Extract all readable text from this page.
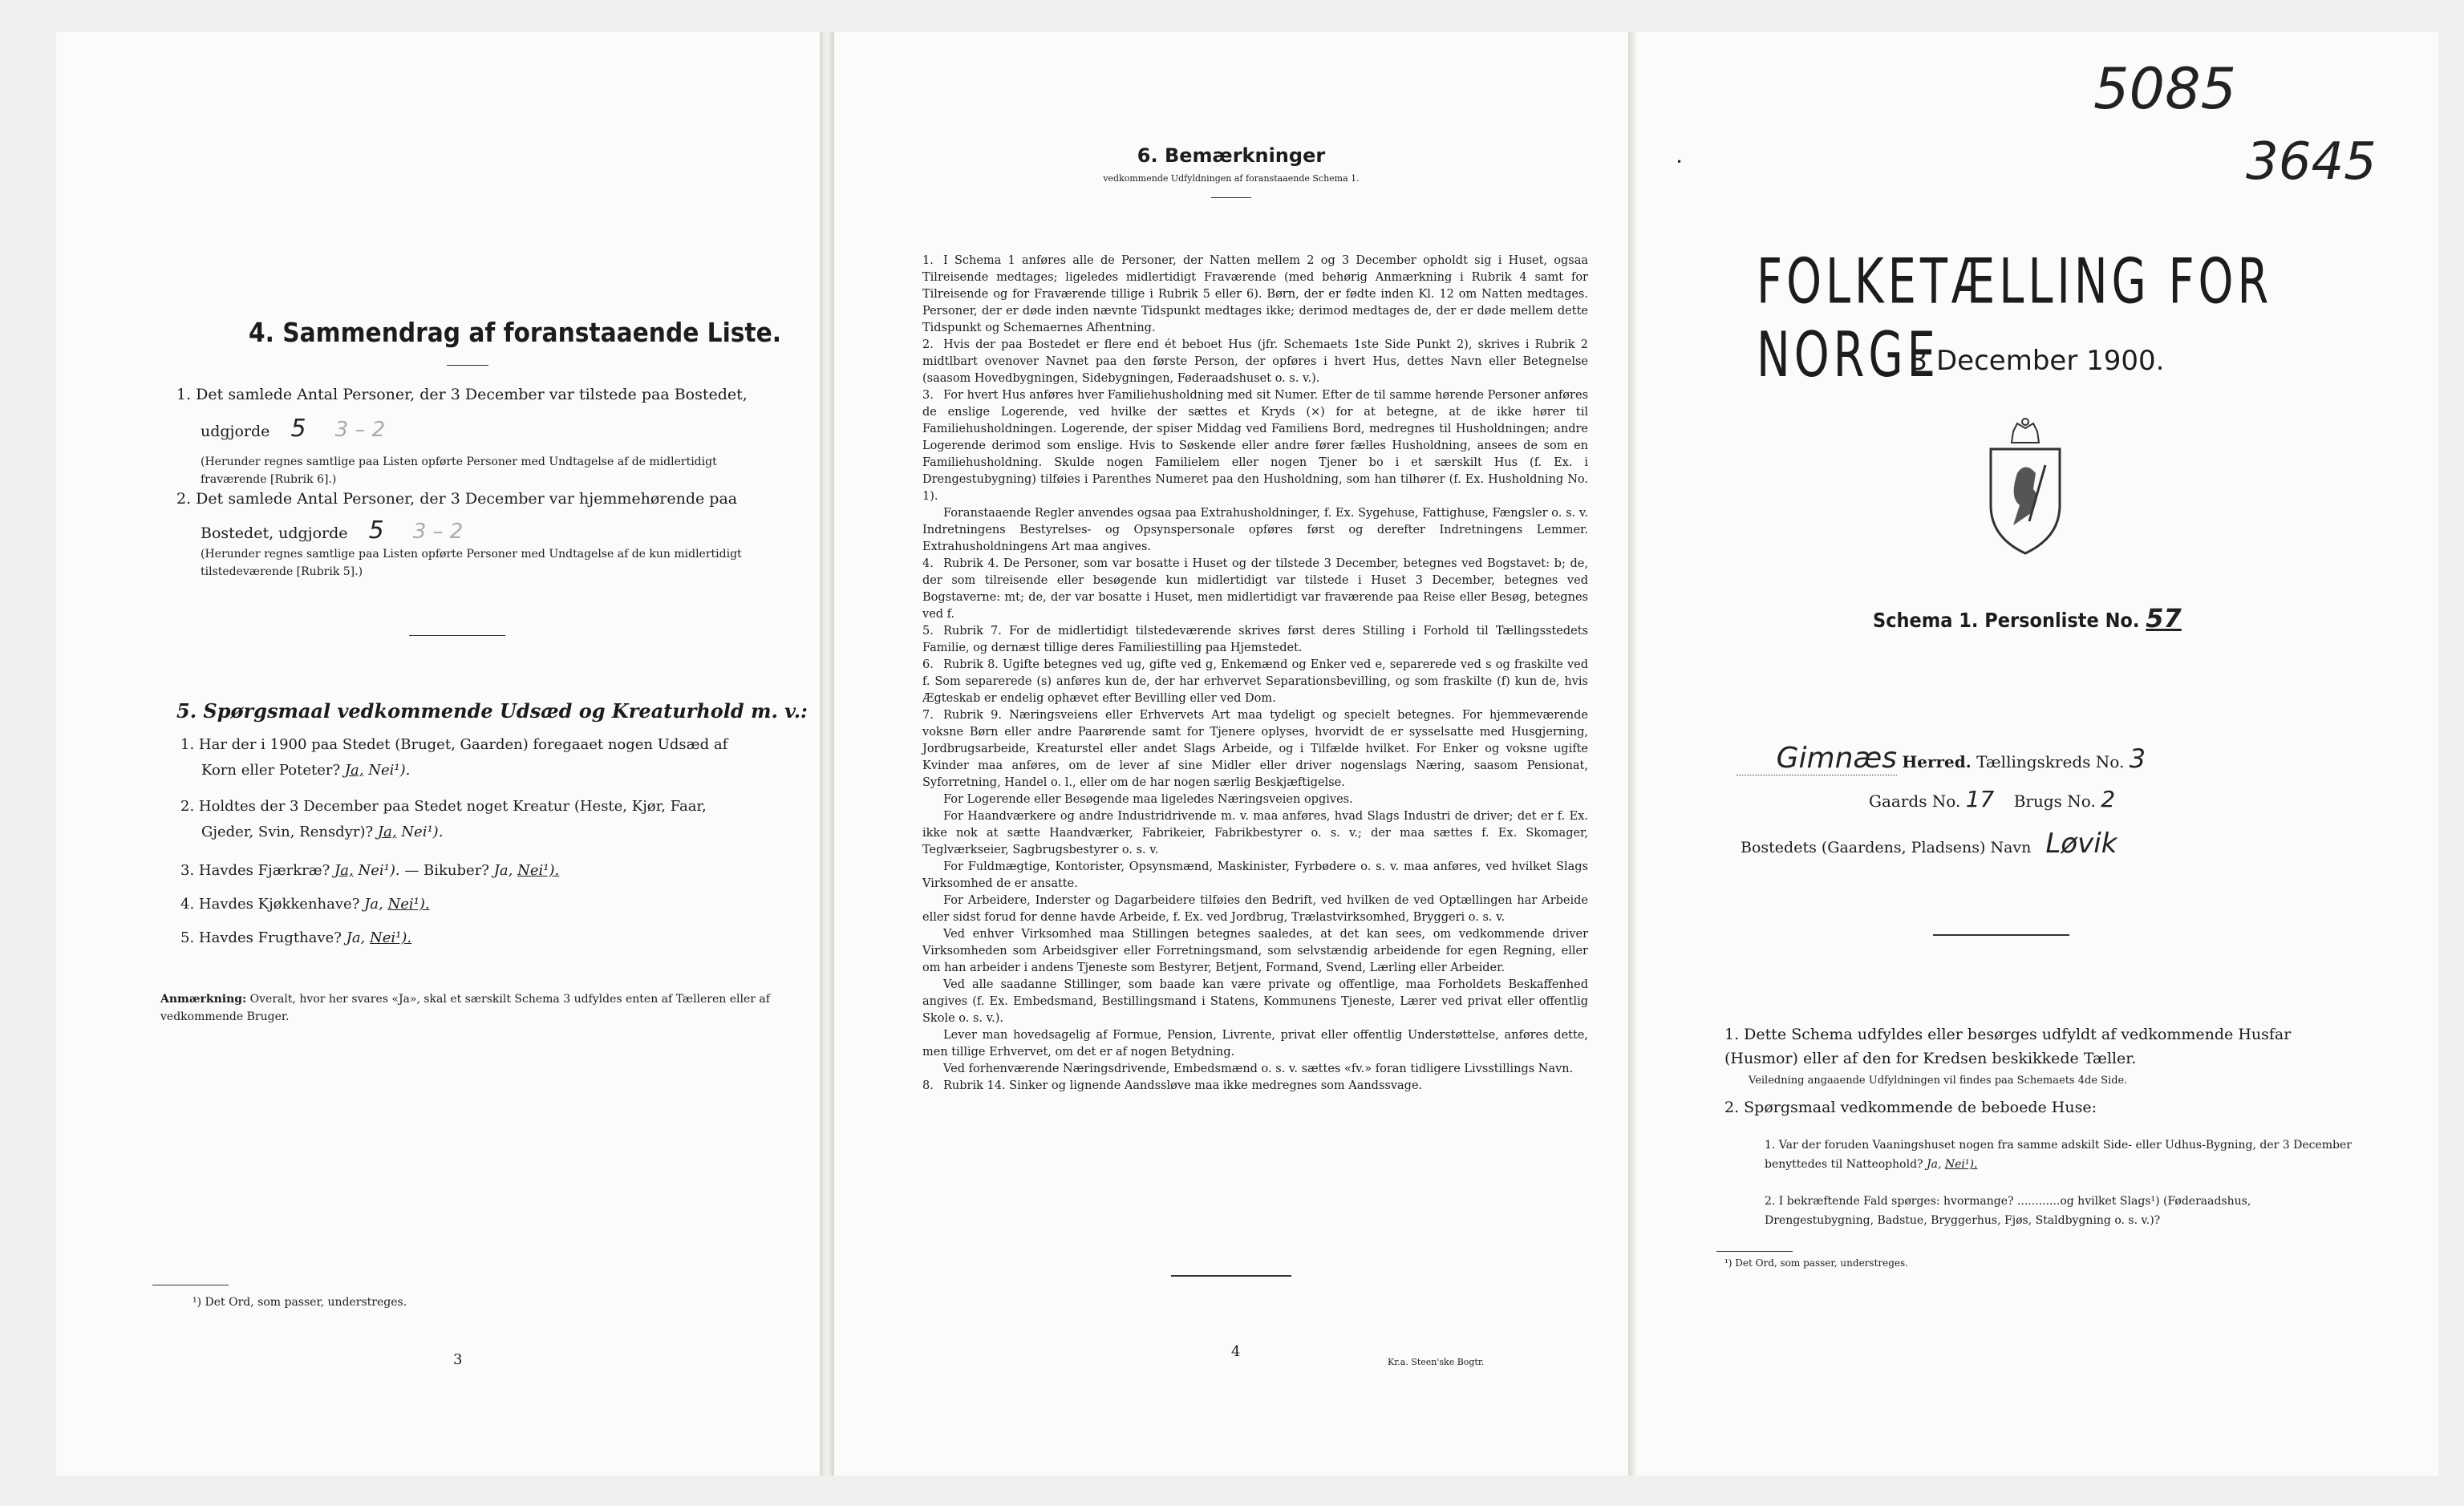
4. Sammendrag af foranstaaende Liste.
1. Det samlede Antal Personer, der 3 December var tilstede paa Bostedet,
udgjorde 5 3 – 2
(Herunder regnes samtlige paa Listen opførte Personer med Undtagelse af de midlertidigt fraværende [Rubrik 6].)
2. Det samlede Antal Personer, der 3 December var hjemmehørende paa
Bostedet, udgjorde 5 3 – 2
(Herunder regnes samtlige paa Listen opførte Personer med Undtagelse af de kun midlertidigt tilstedeværende [Rubrik 5].)
5. Spørgsmaal vedkommende Udsæd og Kreaturhold m. v.:
1. Har der i 1900 paa Stedet (Bruget, Gaarden) foregaaet nogen Udsæd af
Korn eller Poteter? Ja, Nei¹).
2. Holdtes der 3 December paa Stedet noget Kreatur (Heste, Kjør, Faar,
Gjeder, Svin, Rensdyr)? Ja, Nei¹).
3. Havdes Fjærkræ? Ja, Nei¹). — Bikuber? Ja, Nei¹).
4. Havdes Kjøkkenhave? Ja, Nei¹).
5. Havdes Frugthave? Ja, Nei¹).
Anmærkning: Overalt, hvor her svares «Ja», skal et særskilt Schema 3 udfyldes enten af Tælleren eller af vedkommende Bruger.
¹) Det Ord, som passer, understreges.
3
6. Bemærkninger
vedkommende Udfyldningen af foranstaaende Schema 1.

1. I Schema 1 anføres alle de Personer, der Natten mellem 2 og 3 December opholdt sig i Huset, ogsaa Tilreisende medtages; ligeledes midlertidigt Fraværende (med behørig Anmærkning i Rubrik 4 samt for Tilreisende og for Fraværende tillige i Rubrik 5 eller 6). Børn, der er fødte inden Kl. 12 om Natten medtages. Personer, der er døde inden nævnte Tidspunkt medtages ikke; derimod medtages de, der er døde mellem dette Tidspunkt og Schemaernes Afhentning.

2. Hvis der paa Bostedet er flere end ét beboet Hus (jfr. Schemaets 1ste Side Punkt 2), skrives i Rubrik 2 midtlbart ovenover Navnet paa den første Person, der opføres i hvert Hus, dettes Navn eller Betegnelse (saasom Hovedbygningen, Sidebygningen, Føderaadshuset o. s. v.).

3. For hvert Hus anføres hver Familiehusholdning med sit Numer. Efter de til samme hørende Personer anføres de enslige Logerende, ved hvilke der sættes et Kryds (×) for at betegne, at de ikke hører til Familiehusholdningen. Logerende, der spiser Middag ved Familiens Bord, medregnes til Husholdningen; andre Logerende derimod som enslige. Hvis to Søskende eller andre fører fælles Husholdning, ansees de som en Familiehusholdning. Skulde nogen Familielem eller nogen Tjener bo i et særskilt Hus (f. Ex. i Drengestubygning) tilføies i Parenthes Numeret paa den Husholdning, som han tilhører (f. Ex. Husholdning No. 1).

Foranstaaende Regler anvendes ogsaa paa Extrahusholdninger, f. Ex. Sygehuse, Fattighuse, Fængsler o. s. v. Indretningens Bestyrelses- og Opsynspersonale opføres først og derefter Indretningens Lemmer. Extrahusholdningens Art maa angives.

4. Rubrik 4. De Personer, som var bosatte i Huset og der tilstede 3 December, betegnes ved Bogstavet: b; de, der som tilreisende eller besøgende kun midlertidigt var tilstede i Huset 3 December, betegnes ved Bogstaverne: mt; de, der var bosatte i Huset, men midlertidigt var fraværende paa Reise eller Besøg, betegnes ved f.

5. Rubrik 7. For de midlertidigt tilstedeværende skrives først deres Stilling i Forhold til Tællingsstedets Familie, og dernæst tillige deres Familiestilling paa Hjemstedet.

6. Rubrik 8. Ugifte betegnes ved ug, gifte ved g, Enkemænd og Enker ved e, separerede ved s og fraskilte ved f. Som separerede (s) anføres kun de, der har erhvervet Separationsbevilling, og som fraskilte (f) kun de, hvis Ægteskab er endelig ophævet efter Bevilling eller ved Dom.

7. Rubrik 9. Næringsveiens eller Erhvervets Art maa tydeligt og specielt betegnes. For hjemmeværende voksne Børn eller andre Paarørende samt for Tjenere oplyses, hvorvidt de er sysselsatte med Husgjerning, Jordbrugsarbeide, Kreaturstel eller andet Slags Arbeide, og i Tilfælde hvilket. For Enker og voksne ugifte Kvinder maa anføres, om de lever af sine Midler eller driver nogenslags Næring, saasom Pensionat, Syforretning, Handel o. l., eller om de har nogen særlig Beskjæftigelse.

For Logerende eller Besøgende maa ligeledes Næringsveien opgives.

For Haandværkere og andre Industridrivende m. v. maa anføres, hvad Slags Industri de driver; det er f. Ex. ikke nok at sætte Haandværker, Fabrikeier, Fabrikbestyrer o. s. v.; der maa sættes f. Ex. Skomager, Teglværkseier, Sagbrugsbestyrer o. s. v.

For Fuldmægtige, Kontorister, Opsynsmænd, Maskinister, Fyrbødere o. s. v. maa anføres, ved hvilket Slags Virksomhed de er ansatte.

For Arbeidere, Inderster og Dagarbeidere tilføies den Bedrift, ved hvilken de ved Optællingen har Arbeide eller sidst forud for denne havde Arbeide, f. Ex. ved Jordbrug, Trælastvirksomhed, Bryggeri o. s. v.

Ved enhver Virksomhed maa Stillingen betegnes saaledes, at det kan sees, om vedkommende driver Virksomheden som Arbeidsgiver eller Forretningsmand, som selvstændig arbeidende for egen Regning, eller om han arbeider i andens Tjeneste som Bestyrer, Betjent, Formand, Svend, Lærling eller Arbeider.

Ved alle saadanne Stillinger, som baade kan være private og offentlige, maa Forholdets Beskaffenhed angives (f. Ex. Embedsmand, Bestillingsmand i Statens, Kommunens Tjeneste, Lærer ved privat eller offentlig Skole o. s. v.).

Lever man hovedsagelig af Formue, Pension, Livrente, privat eller offentlig Understøttelse, anføres dette, men tillige Erhvervet, om det er af nogen Betydning.

Ved forhenværende Næringsdrivende, Embedsmænd o. s. v. sættes «fv.» foran tidligere Livsstillings Navn.

8. Rubrik 14. Sinker og lignende Aandssløve maa ikke medregnes som Aandssvage.

4
Kr.a. Steen'ske Bogtr.
5085
3645
•
FOLKETÆLLING FOR NORGE
3 December 1900.
Schema 1. Personliste No. 57
Gimnæs Herred. Tællingskreds No. 3
Gaards No. 17 Brugs No. 2
Bostedets (Gaardens, Pladsens) Navn Løvik
1. Dette Schema udfyldes eller besørges udfyldt af vedkommende Husfar (Husmor) eller af den for Kredsen beskikkede Tæller.
Veiledning angaaende Udfyldningen vil findes paa Schemaets 4de Side.
2. Spørgsmaal vedkommende de beboede Huse:
1. Var der foruden Vaaningshuset nogen fra samme adskilt Side- eller Udhus-Bygning, der 3 December benyttedes til Natteophold? Ja, Nei¹).
2. I bekræftende Fald spørges: hvormange? ............og hvilket Slags¹) (Føderaadshus, Drengestubygning, Badstue, Bryggerhus, Fjøs, Staldbygning o. s. v.)?
¹) Det Ord, som passer, understreges.
